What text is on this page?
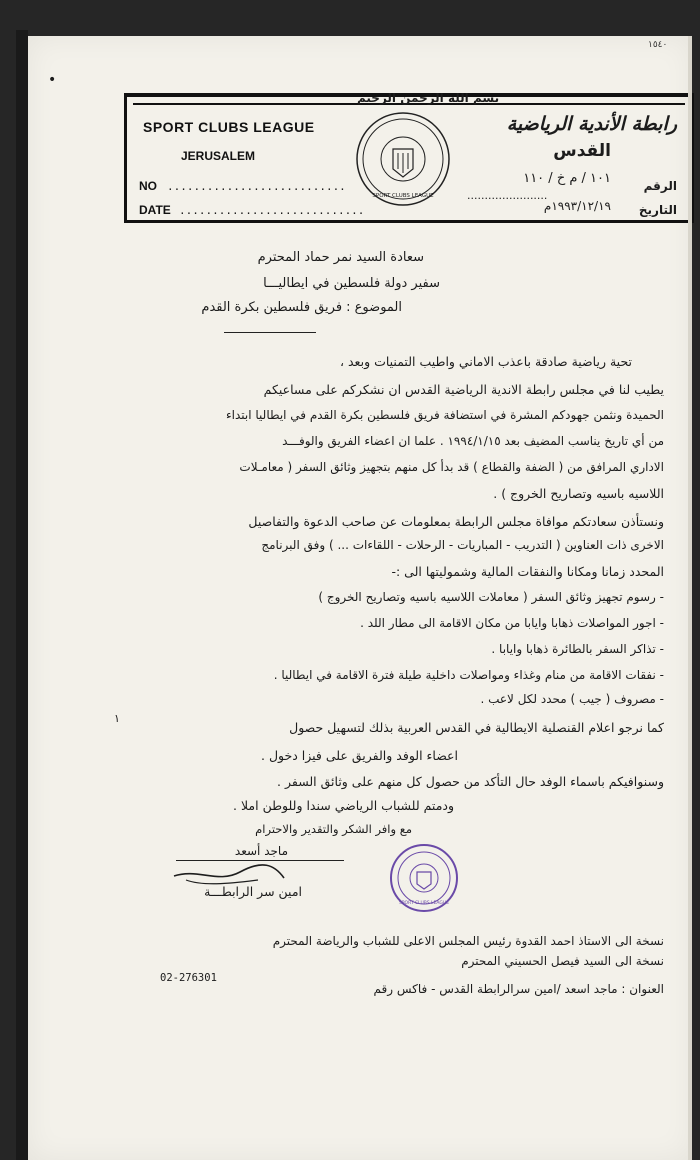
١٥٤٠
SPORT CLUBS LEAGUE
JERUSALEM
NO ...........................
DATE ............................
بسم الله الرحمن الرحيم
SPORT CLUBS LEAGUE
رابطة الأندية الرياضية
القدس
الرقم
١٠١ / م خ / ١١٠
.......................
التاريخ
١٩٩٣/١٢/١٩م
•
سعادة السيد نمر حماد المحترم
سفير دولة فلسطين في ايطاليـــا
الموضوع : فريق فلسطين بكرة القدم
تحية رياضية صادقة باعذب الاماني واطيب التمنيات وبعد ،
يطيب لنا في مجلس رابطة الاندية الرياضية القدس ان نشكركم على مساعيكم
الحميدة ونثمن جهودكم المشرة في استضافة فريق فلسطين بكرة القدم في ايطاليا ابتداء
من أي تاريخ يناسب المضيف بعد ١٩٩٤/١/١٥ . علما ان اعضاء الفريق والوفـــد
الاداري المرافق من ( الضفة والقطاع ) قد بدأ كل منهم بتجهيز وثائق السفر ( معامـلات
اللاسيه باسيه وتصاريح الخروج ) .
ونستأذن سعادتكم موافاة مجلس الرابطة بمعلومات عن صاحب الدعوة والتفاصيل
الاخرى ذات العناوين ( التدريب - المباريات - الرحلات - اللقاءات ... ) وفق البرنامج
المحدد زمانا ومكانا والنفقات المالية وشموليتها الى :-
- رسوم تجهيز وثائق السفر ( معاملات اللاسيه باسيه وتصاريح الخروج )
- اجور المواصلات ذهابا وايابا من مكان الاقامة الى مطار اللد .
- تذاكر السفر بالطائرة ذهابا وايابا .
- نفقات الاقامة من منام وغذاء ومواصلات داخلية طيلة فترة الاقامة في ايطاليا .
- مصروف ( جيب ) محدد لكل لاعب .
١
كما نرجو اعلام القنصلية الايطالية في القدس العربية بذلك لتسهيل حصول
اعضاء الوفد والفريق على فيزا دخول .
وسنوافيكم باسماء الوفد حال التأكد من حصول كل منهم على وثائق السفر .
ودمتم للشباب الرياضي سندا وللوطن املا .
مع وافر الشكر والتقدير والاحترام
ماجد أسعد
امين سر الرابطـــة
SPORT CLUBS LEAGUE
نسخة الى الاستاذ احمد القدوة رئيس المجلس الاعلى للشباب والرياضة المحترم
نسخة الى السيد فيصل الحسيني المحترم
02-276301
العنوان : ماجد اسعد /امين سرالرابطة القدس - فاكس رقم
